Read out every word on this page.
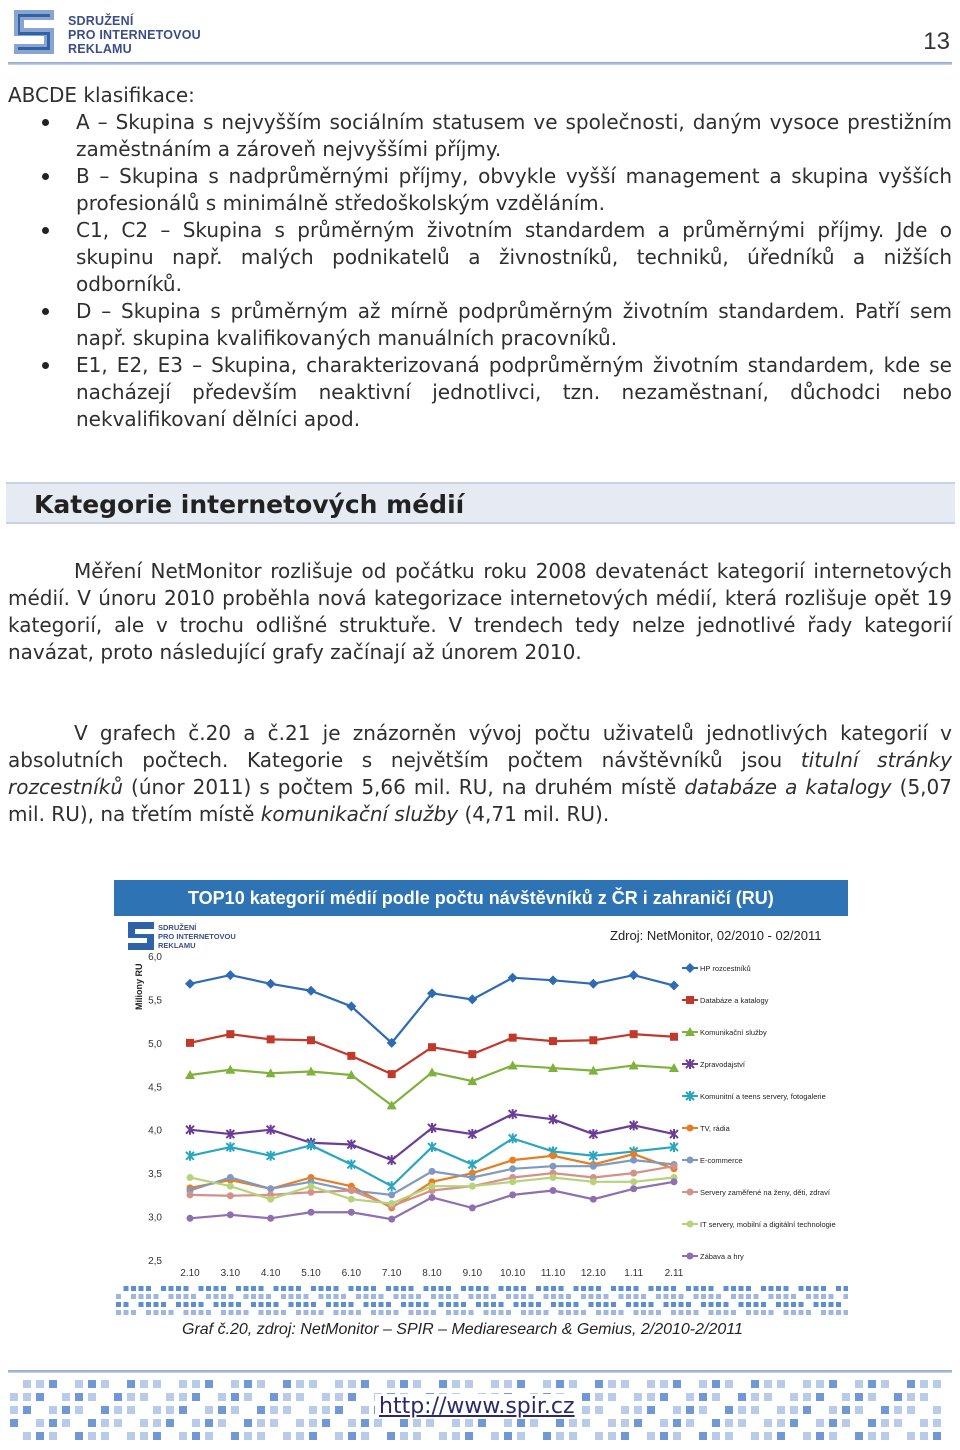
SDRUŽENÍ
PRO INTERNETOVOU
REKLAMU	13
ABCDE klasifikace:
A – Skupina s nejvyšším sociálním statusem ve společnosti, daným vysoce prestižním zaměstnáním a zároveň nejvyššími příjmy.
B – Skupina s nadprůměrnými příjmy, obvykle vyšší management a skupina vyšších profesionálů s minimálně středoškolským vzděláním.
C1, C2 – Skupina s průměrným životním standardem a průměrnými příjmy. Jde o skupinu např. malých podnikatelů a živnostníků, techniků, úředníků a nižších odborníků.
D – Skupina s průměrným až mírně podprůměrným životním standardem. Patří sem např. skupina kvalifikovaných manuálních pracovníků.
E1, E2, E3 – Skupina, charakterizovaná podprůměrným životním standardem, kde se nacházejí především neaktivní jednotlivci, tzn. nezaměstnaní, důchodci nebo nekvalifikovaní dělníci apod.
Kategorie internetových médií
Měření NetMonitor rozlišuje od počátku roku 2008 devatenáct kategorií internetových médií. V únoru 2010 proběhla nová kategorizace internetových médií, která rozlišuje opět 19 kategorií, ale v trochu odlišné struktuře. V trendech tedy nelze jednotlivé řady kategorií navázat, proto následující grafy začínají až únorem 2010.
V grafech č.20 a č.21 je znázorněn vývoj počtu uživatelů jednotlivých kategorií v absolutních počtech. Kategorie s největším počtem návštěvníků jsou titulní stránky rozcestníků (únor 2011) s počtem 5,66 mil. RU, na druhém místě databáze a katalogy (5,07 mil. RU), na třetím místě komunikační služby (4,71 mil. RU).
TOP10 kategorií médií podle počtu návštěvníků z ČR i zahraničí (RU)
SDRUŽENÍ
PRO INTERNETOVOU
REKLAMU
Zdroj: NetMonitor, 02/2010 - 02/2011
Miliony RU
2,5
3,0
3,5
4,0
4,5
5,0
5,5
6,0
2.10 3.10 4.10 5.10 6.10 7.10 8.10 9.10 10.10 11.10 12.10 1.11 2.11
HP rozcestníků
Databáze a katalogy
Komunikační služby
Zpravodajství
Komunitní a teens servery, fotogalerie
TV, rádia
E-commerce
Servery zaměřené na ženy, děti, zdraví
IT servery, mobilní a digitální technologie
Zábava a hry
Graf č.20, zdroj: NetMonitor – SPIR – Mediaresearch & Gemius, 2/2010-2/2011
http://www.spir.cz
